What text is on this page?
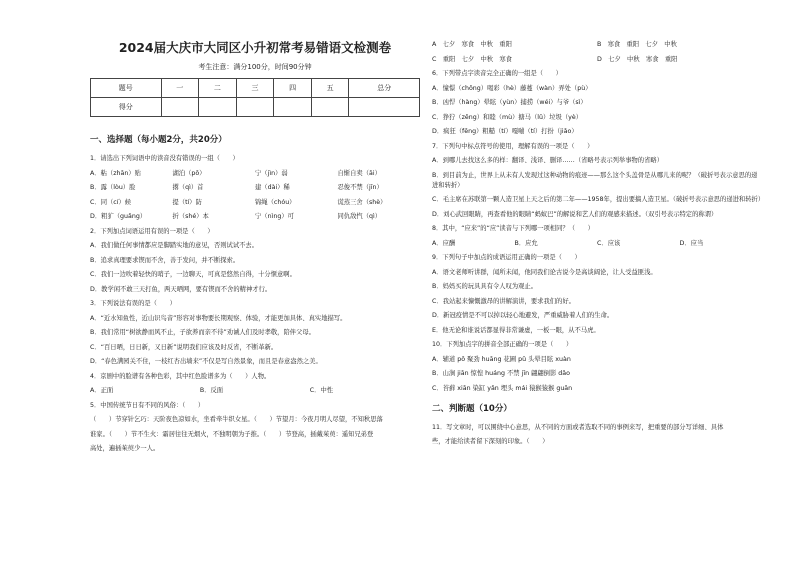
2024届大庆市大同区小升初常考易错语文检测卷
考生注意：满分100分，时间90分钟
题号	一	二	三	四	五	总分
得分						
一、选择题（每小题2分，共20分）
1．请选出下列词语中的读音没有错误的一组（　　）
A．粘（zhān）贴	湖泊（pō）	宁（jìn）弱	自惭自卖（āi）
B．露（lòu）脸	撂（qì）首	建（dài）稀	忍俊不禁（jīn）
C．同（cí）候	提（tí）防	锦绳（chóu）	谎蒸三舍（shè）
D．粗犷（guǎng）	折（shé）本	宁（nìng）可	同仇敌忾（qì）
2．下列加点词语运用有误的一项是（　　）
A．我们做任何事情都应是脚踏实地的意见，否则试试不去。
B．追求真理要求锲而不舍，善于发问，并不断探索。
C．我们一边吹着轻快的哨子，一边聊天，可真是悠然自得，十分惬意啊。
D．教学闲不敢三天打鱼，两天晒网，要有锲而不舍的精神才行。
3．下列说法有误的是（　　）
A．“近水知鱼性，近山识鸟音”形容对事物要长期观察、体验，才能更加具体、真实地描写。
B．我们常用“树欲静而风不止，子欲养而亲不待”劝诫人们及时孝敬，陪伴父母。
C．“百日晒，日日新，又日新”说明我们应该及时反省，不断革新。
D．“春色满园关不住，一枝红杏出墙来”不仅是写自然景象，而且是春意盎然之美。
4．京剧中的脸谱有各种色彩，其中红色脸谱多为（　　）人物。
A．正面	B．反面	C．中性
5．中国传统节日有不同的风俗：（　　）
（　　）节穿针乞巧：天阶夜色凉如水，坐看牵牛织女星。（　　）节望月：今夜月明人尽望，不知秋思落
谁家。（　　）节不生火：霜居往往无烟火，不独明朝为子推。（　　）节登高，插戴茱萸：遥知兄弟登
高处，遍插茱萸少一人。
A　七夕　寒食　中秋　重阳	B　寒食　重阳　七夕　中秋
C　重阳　七夕　中秋　寒食	D　七夕　中秋　寒食　重阳
6．下列带点字读音完全正确的一组是（　　）
A．憧憬（chōng）喝彩（hè）藤蔓（wàn）弄处（pù）
B．凶悍（hàng）晕眩（yùn）捕捞（wéi）与爷（sì）
C．狰狞（zēng）和睦（mù）搪马（lǔ）垃圾（yè）
D．疯狂（fēng）粗糙（tí）嘎嘣（tí）打扮（jiǎo）
7．下列句中标点符号的使用，理解有误的一项是（　　）
A．到哪儿去找这么多的样：翻译、浅译、删译……（省略号表示列举事物的省略）
B．到目前为止，世界上从未有人发现过这种动物的痕迹——那么这个头盖骨是从哪儿来的呢？（破折号表示意思的递进和转折）
C．毛主席在苏联第一颗人造卫星上天之后的第二年——1958年，提出要搞人造卫星。（破折号表示意思的递进和转折）
D．刘心武回眼睛，再查看他的眼睛“蚂蚁巴”的解说和艺人们的观感来描述。（双引号表示特定的称谓）
8．其中，“应来”的“应”读音与下列哪一项相同？（　　）
A．应酬	B．应允	C．应该	D．应当
9．下列句子中加点的成语运用正确的一项是（　　）
A．语文老师听讲群，闻所未闻，他同我们论古说今是高谈阔论，让人受益匪浅。
B．妈妈买的玩具具有令人叹为观止。
C．我站起来慷慨激昂的讲解演讲，要求我们的好。
D．新冠疫情是不可以掉以轻心地避发，严重威胁着人们的生命。
E．他无论和谁说话都显得非常谦虚，一板一眼，从不马虎。
10．下列加点字的拼音全部正确的一项是（　　）
A．辅道 pō 聚劲 huāng 花圃 pǔ 头晕目眩 xuàn
B．山涧 jiān 惊惶 huáng 不禁 jīn 翩翩倒影 dǎo
C．苔藓 xiān 染缸 yǎn 埋头 mái 猿猴猿猴 guān
二、判断题（10分）
11．写文章时，可以围绕中心意思，从不同的方面或者选取不同的事例来写，把重要的部分写详细、具体
些，才能给读者留下深刻的印象。（　　）
